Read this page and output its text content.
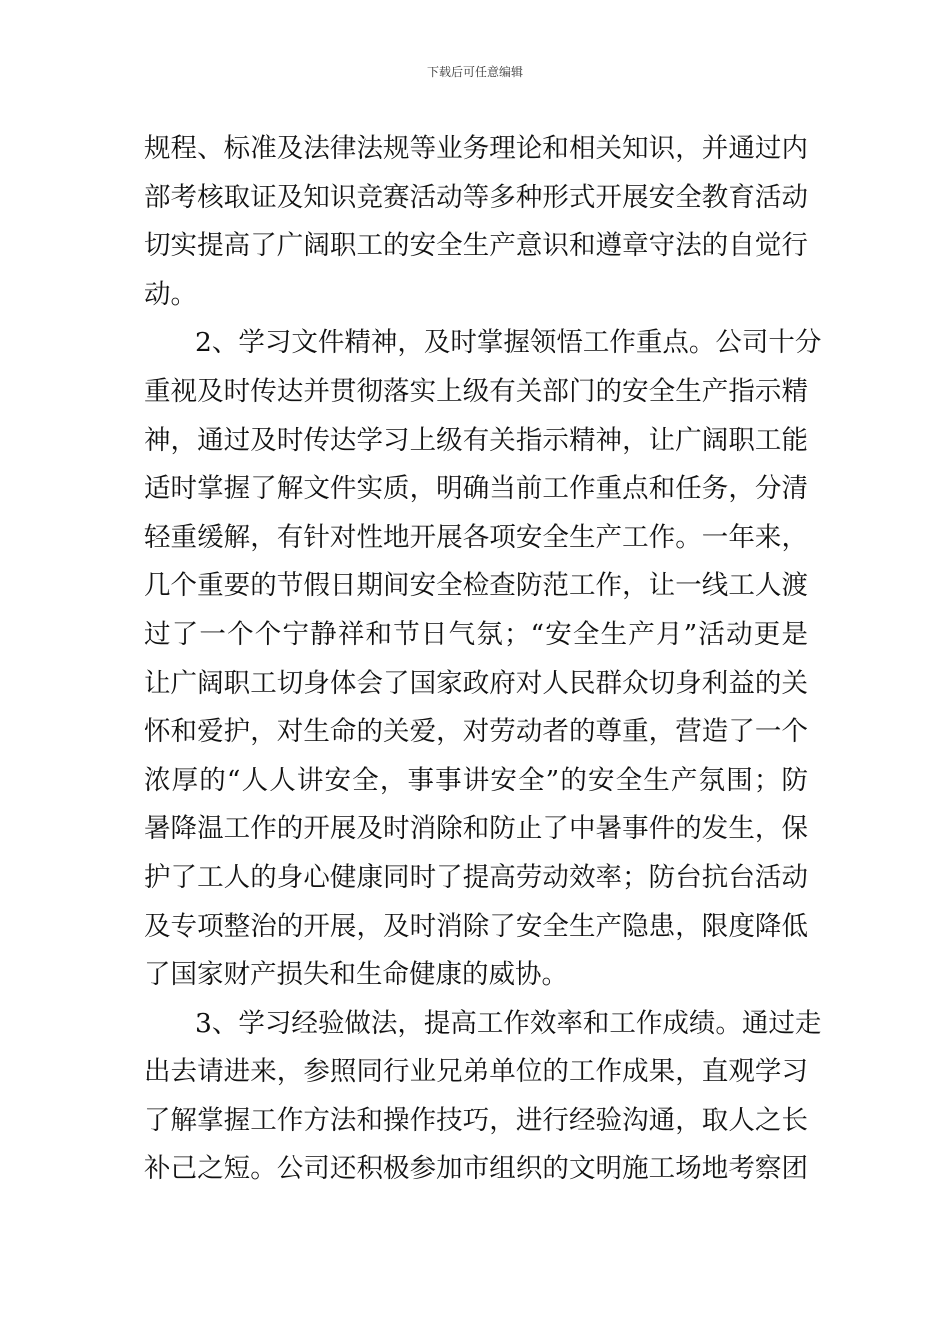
下载后可任意编辑
规程、标准及法律法规等业务理论和相关知识，并通过内
部考核取证及知识竞赛活动等多种形式开展安全教育活动
切实提高了广阔职工的安全生产意识和遵章守法的自觉行
动。
2、学习文件精神，及时掌握领悟工作重点。公司十分
重视及时传达并贯彻落实上级有关部门的安全生产指示精
神，通过及时传达学习上级有关指示精神，让广阔职工能
适时掌握了解文件实质，明确当前工作重点和任务，分清
轻重缓解，有针对性地开展各项安全生产工作。一年来，
几个重要的节假日期间安全检查防范工作，让一线工人渡
过了一个个宁静祥和节日气氛；“安全生产月”活动更是
让广阔职工切身体会了国家政府对人民群众切身利益的关
怀和爱护，对生命的关爱，对劳动者的尊重，营造了一个
浓厚的“人人讲安全，事事讲安全”的安全生产氛围；防
暑降温工作的开展及时消除和防止了中暑事件的发生，保
护了工人的身心健康同时了提高劳动效率；防台抗台活动
及专项整治的开展，及时消除了安全生产隐患，限度降低
了国家财产损失和生命健康的威协。
3、学习经验做法，提高工作效率和工作成绩。通过走
出去请进来，参照同行业兄弟单位的工作成果，直观学习
了解掌握工作方法和操作技巧，进行经验沟通，取人之长
补己之短。公司还积极参加市组织的文明施工场地考察团
